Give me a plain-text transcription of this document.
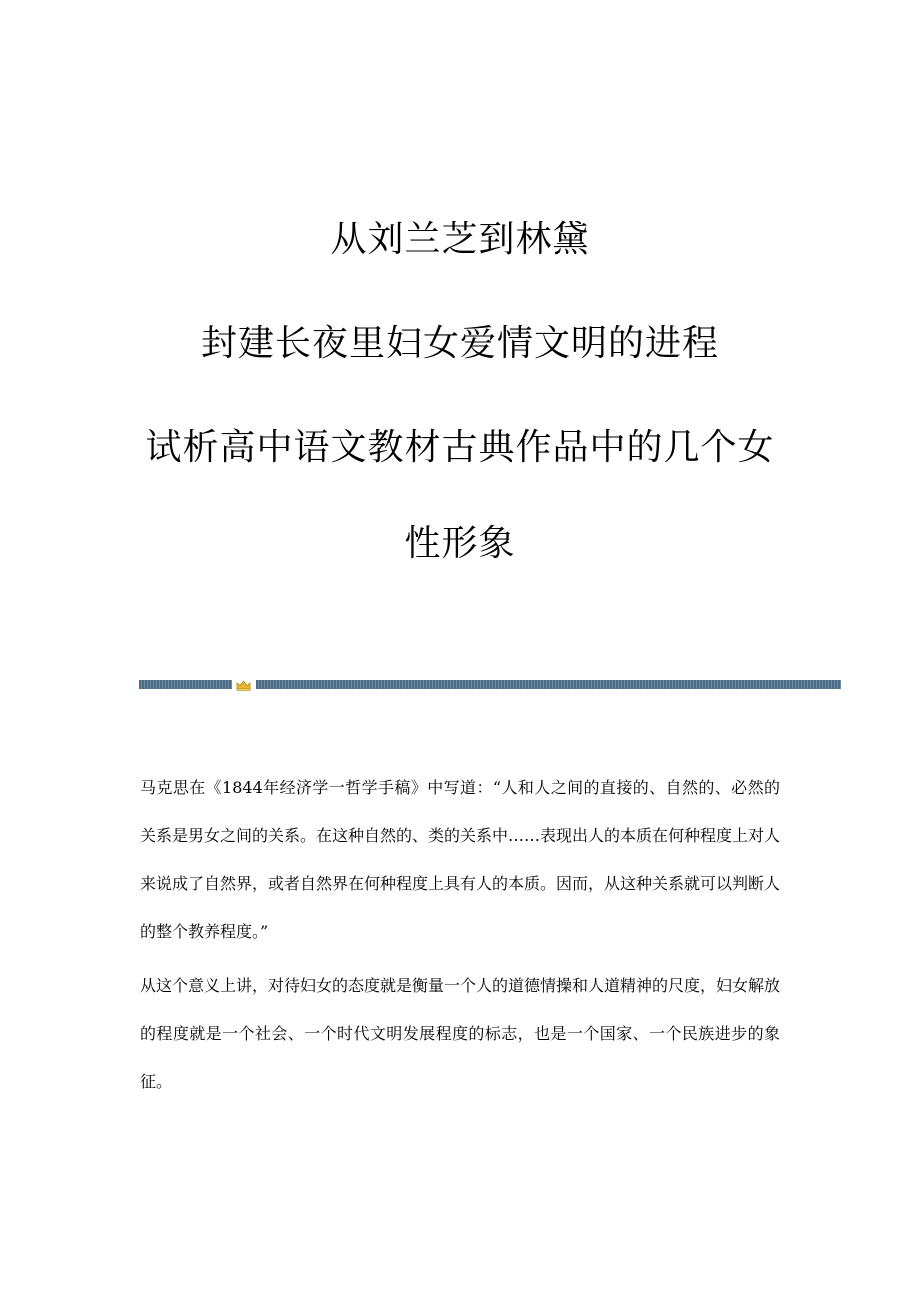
从刘兰芝到林黛
封建长夜里妇女爱情文明的进程
试析高中语文教材古典作品中的几个女
性形象

马克思在《1844年经济学一哲学手稿》中写道：“人和人之间的直接的、自然的、必然的关系是男女之间的关系。在这种自然的、类的关系中……表现出人的本质在何种程度上对人来说成了自然界，或者自然界在何种程度上具有人的本质。因而，从这种关系就可以判断人的整个教养程度。”

从这个意义上讲，对待妇女的态度就是衡量一个人的道德情操和人道精神的尺度，妇女解放的程度就是一个社会、一个时代文明发展程度的标志，也是一个国家、一个民族进步的象征。
